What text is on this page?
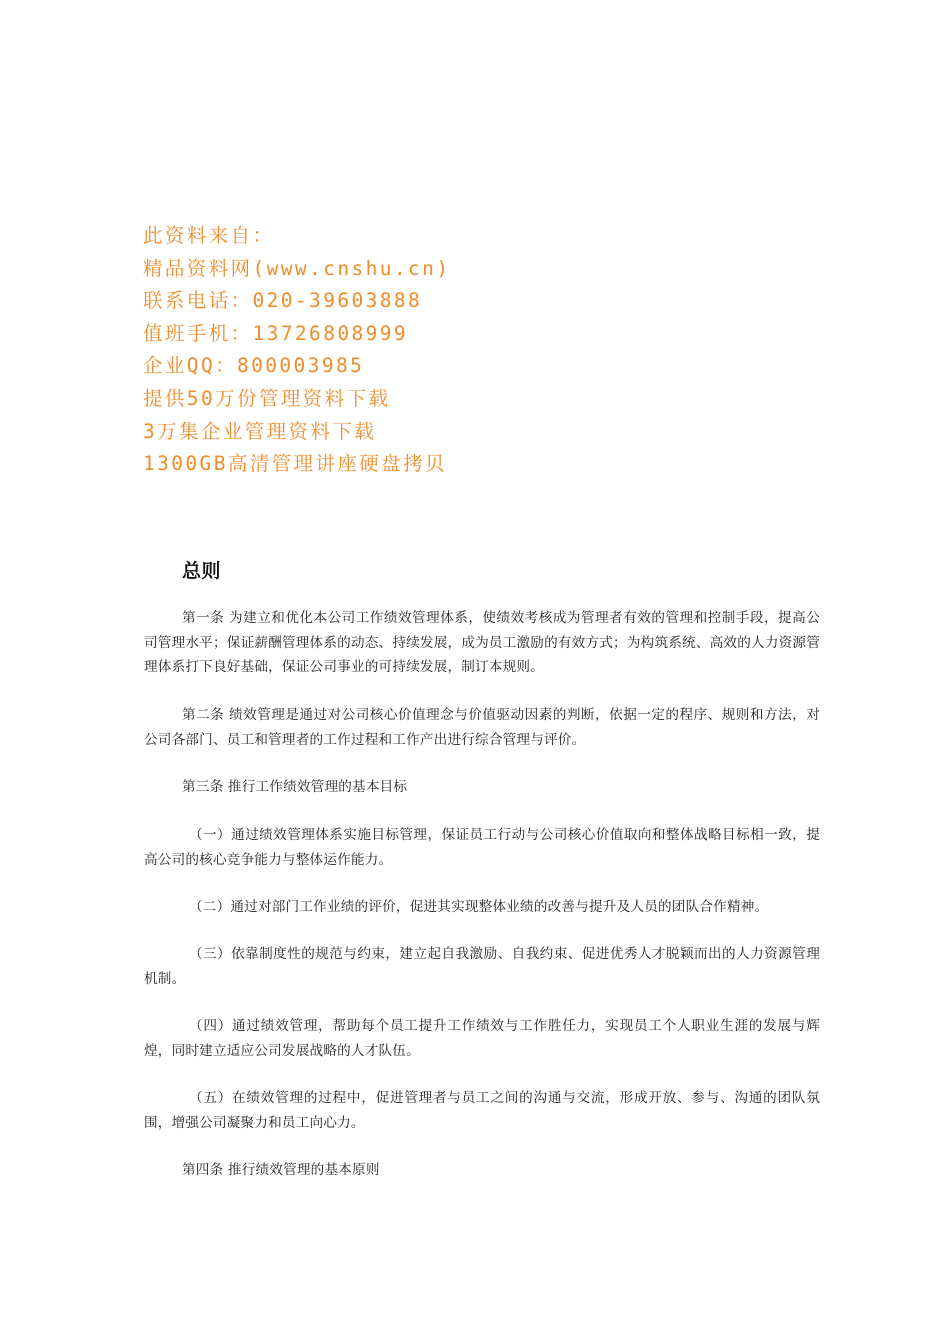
此资料来自：
精品资料网(www.cnshu.cn)
联系电话：020-39603888
值班手机：13726808999
企业QQ：800003985
提供50万份管理资料下载
3万集企业管理资料下载
1300GB高清管理讲座硬盘拷贝
总则

第一条 为建立和优化本公司工作绩效管理体系，使绩效考核成为管理者有效的管理和控制手段，提高公司管理水平；保证薪酬管理体系的动态、持续发展，成为员工激励的有效方式；为构筑系统、高效的人力资源管理体系打下良好基础，保证公司事业的可持续发展，制订本规则。

第二条 绩效管理是通过对公司核心价值理念与价值驱动因素的判断，依据一定的程序、规则和方法，对公司各部门、员工和管理者的工作过程和工作产出进行综合管理与评价。

第三条 推行工作绩效管理的基本目标

（一）通过绩效管理体系实施目标管理，保证员工行动与公司核心价值取向和整体战略目标相一致，提高公司的核心竞争能力与整体运作能力。

（二）通过对部门工作业绩的评价，促进其实现整体业绩的改善与提升及人员的团队合作精神。

（三）依靠制度性的规范与约束，建立起自我激励、自我约束、促进优秀人才脱颖而出的人力资源管理机制。

（四）通过绩效管理，帮助每个员工提升工作绩效与工作胜任力，实现员工个人职业生涯的发展与辉煌，同时建立适应公司发展战略的人才队伍。

（五）在绩效管理的过程中，促进管理者与员工之间的沟通与交流，形成开放、参与、沟通的团队氛围，增强公司凝聚力和员工向心力。

第四条 推行绩效管理的基本原则
